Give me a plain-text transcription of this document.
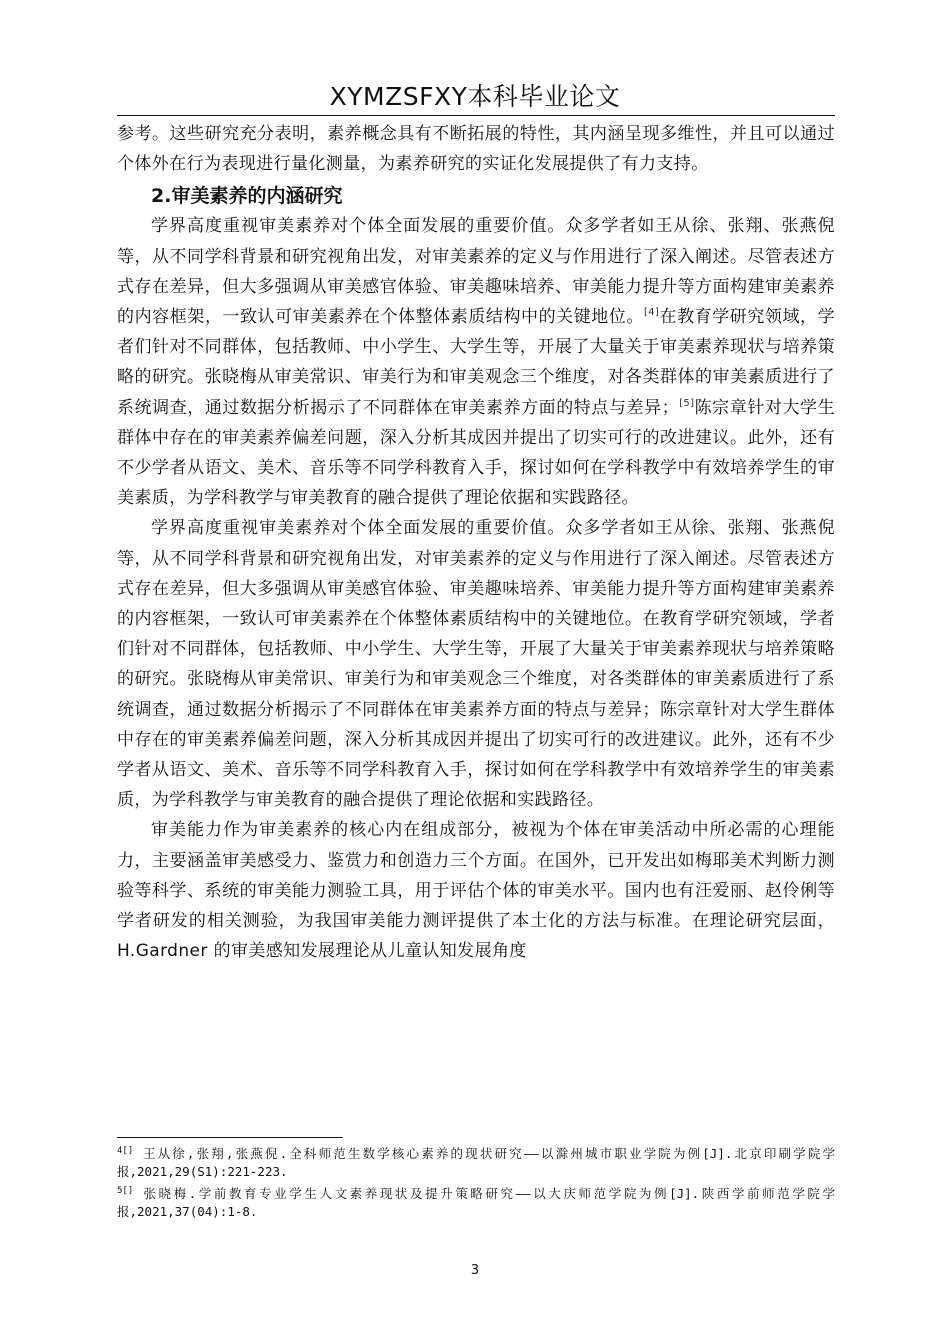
XYMZSFXY本科毕业论文

参考。这些研究充分表明，素养概念具有不断拓展的特性，其内涵呈现多维性，并且可以通过个体外在行为表现进行量化测量，为素养研究的实证化发展提供了有力支持。

2.审美素养的内涵研究

学界高度重视审美素养对个体全面发展的重要价值。众多学者如王从徐、张翔、张燕倪等，从不同学科背景和研究视角出发，对审美素养的定义与作用进行了深入阐述。尽管表述方式存在差异，但大多强调从审美感官体验、审美趣味培养、审美能力提升等方面构建审美素养的内容框架，一致认可审美素养在个体整体素质结构中的关键地位。[4]在教育学研究领域，学者们针对不同群体，包括教师、中小学生、大学生等，开展了大量关于审美素养现状与培养策略的研究。张晓梅从审美常识、审美行为和审美观念三个维度，对各类群体的审美素质进行了系统调查，通过数据分析揭示了不同群体在审美素养方面的特点与差异；[5]陈宗章针对大学生群体中存在的审美素养偏差问题，深入分析其成因并提出了切实可行的改进建议。此外，还有不少学者从语文、美术、音乐等不同学科教育入手，探讨如何在学科教学中有效培养学生的审美素质，为学科教学与审美教育的融合提供了理论依据和实践路径。

学界高度重视审美素养对个体全面发展的重要价值。众多学者如王从徐、张翔、张燕倪等，从不同学科背景和研究视角出发，对审美素养的定义与作用进行了深入阐述。尽管表述方式存在差异，但大多强调从审美感官体验、审美趣味培养、审美能力提升等方面构建审美素养的内容框架，一致认可审美素养在个体整体素质结构中的关键地位。在教育学研究领域，学者们针对不同群体，包括教师、中小学生、大学生等，开展了大量关于审美素养现状与培养策略的研究。张晓梅从审美常识、审美行为和审美观念三个维度，对各类群体的审美素质进行了系统调查，通过数据分析揭示了不同群体在审美素养方面的特点与差异；陈宗章针对大学生群体中存在的审美素养偏差问题，深入分析其成因并提出了切实可行的改进建议。此外，还有不少学者从语文、美术、音乐等不同学科教育入手，探讨如何在学科教学中有效培养学生的审美素质，为学科教学与审美教育的融合提供了理论依据和实践路径。

审美能力作为审美素养的核心内在组成部分，被视为个体在审美活动中所必需的心理能力，主要涵盖审美感受力、鉴赏力和创造力三个方面。在国外，已开发出如梅耶美术判断力测验等科学、系统的审美能力测验工具，用于评估个体的审美水平。国内也有汪爱丽、赵伶俐等学者研发的相关测验，为我国审美能力测评提供了本土化的方法与标准。在理论研究层面，H.Gardner 的审美感知发展理论从儿童认知发展角度

$^{4[]}$ 王从徐,张翔,张燕倪.全科师范生数学核心素养的现状研究——以滁州城市职业学院为例[J].北京印刷学院学报,2021,29(S1):221-223.

$^{5[]}$ 张晓梅.学前教育专业学生人文素养现状及提升策略研究——以大庆师范学院为例[J].陕西学前师范学院学报,2021,37(04):1-8.

3
